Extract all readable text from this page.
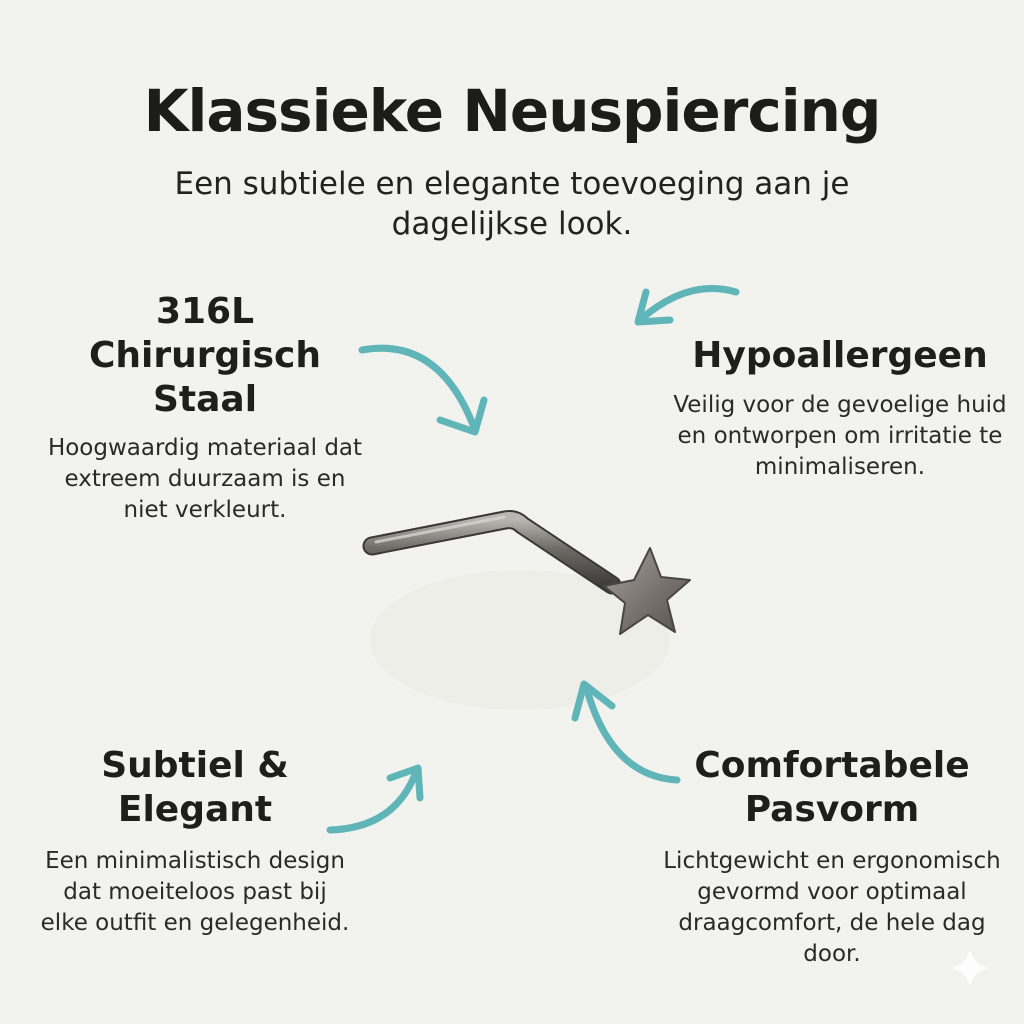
Klassieke Neuspiercing
Een subtiele en elegante toevoeging aan je dagelijkse look.
316L Chirurgisch Staal
Hoogwaardig materiaal dat extreem duurzaam is en niet verkleurt.
Hypoallergeen
Veilig voor de gevoelige huid en ontworpen om irritatie te minimaliseren.
Subtiel & Elegant
Een minimalistisch design dat moeiteloos past bij elke outfit en gelegenheid.
Comfortabele Pasvorm
Lichtgewicht en ergonomisch gevormd voor optimaal draagcomfort, de hele dag door.
